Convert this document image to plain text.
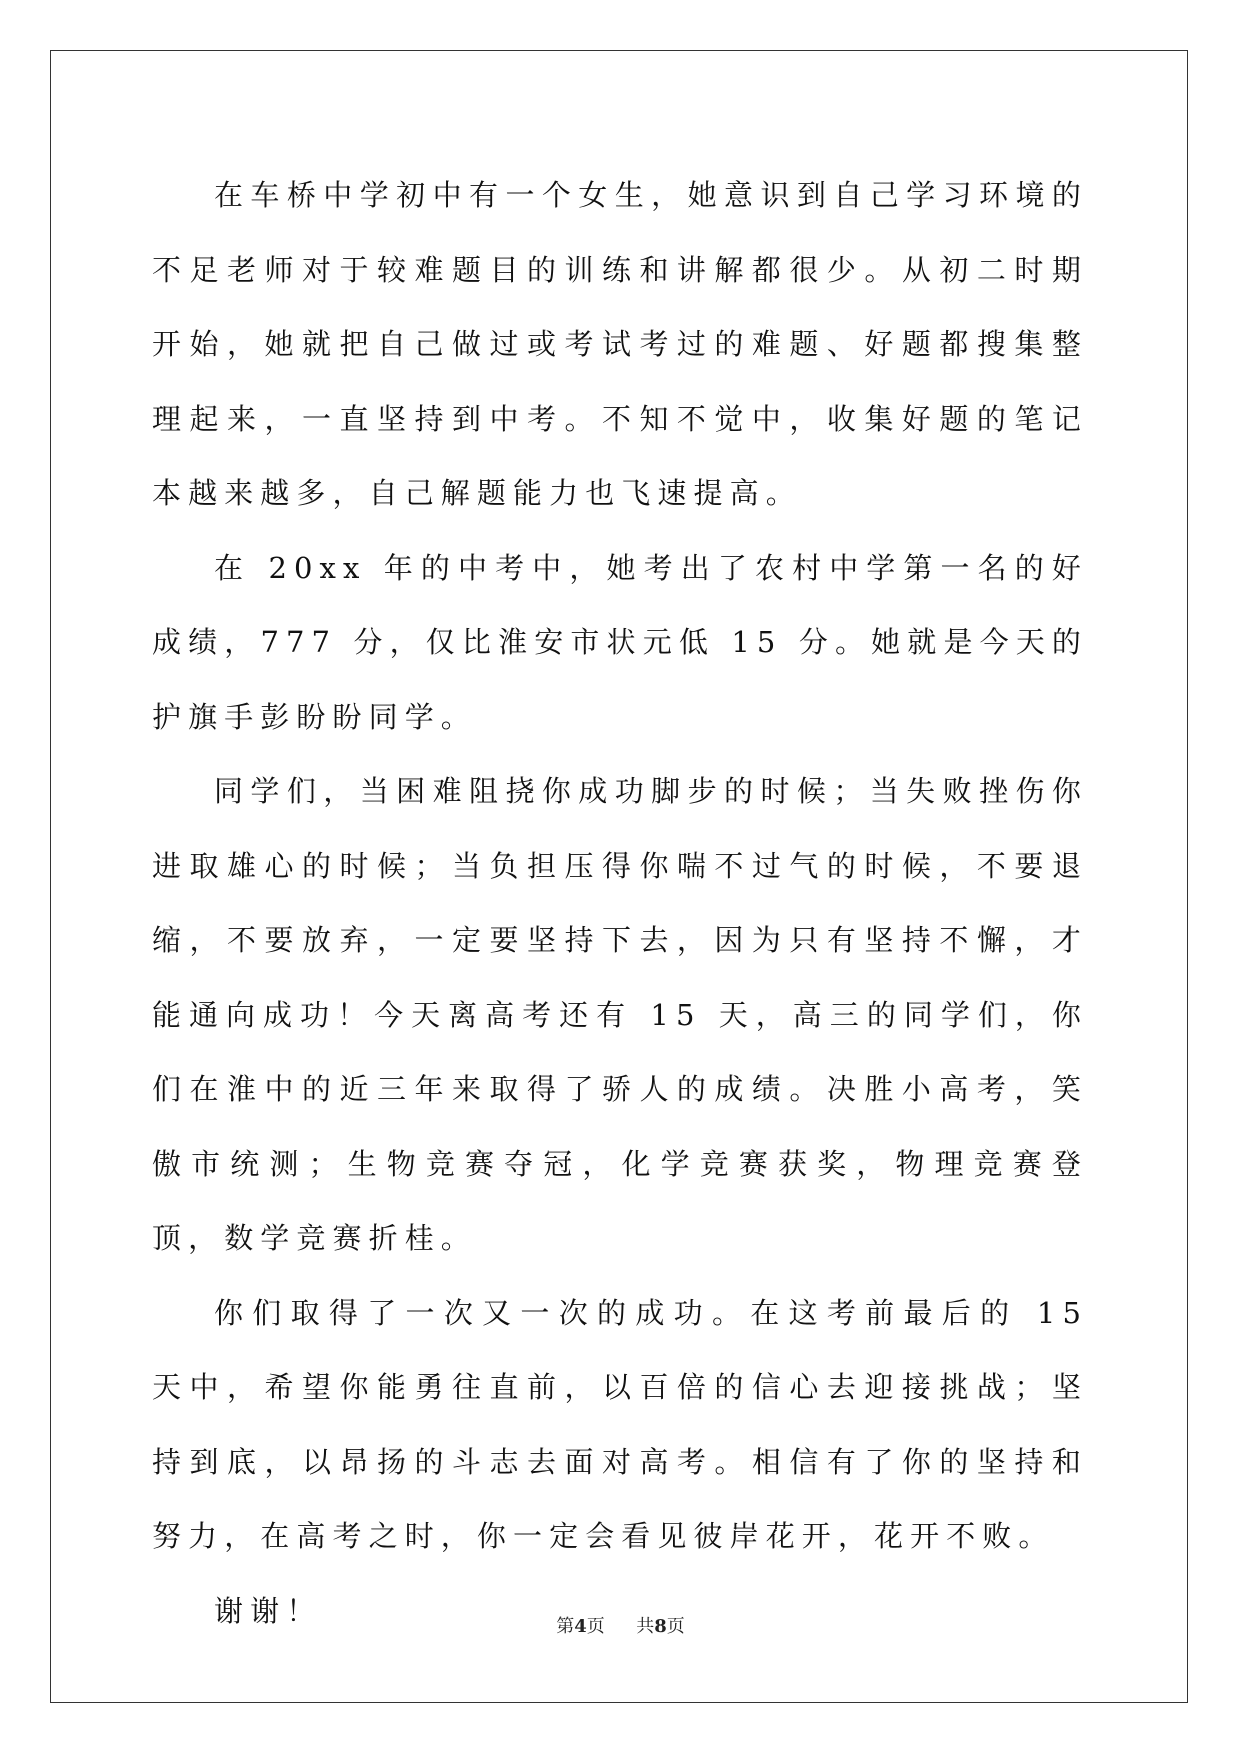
在车桥中学初中有一个女生，她意识到自己学习环境的不足老师对于较难题目的训练和讲解都很少。从初二时期开始，她就把自己做过或考试考过的难题、好题都搜集整理起来，一直坚持到中考。不知不觉中，收集好题的笔记本越来越多，自己解题能力也飞速提高。

在 20xx 年的中考中，她考出了农村中学第一名的好成绩，777 分，仅比淮安市状元低 15 分。她就是今天的护旗手彭盼盼同学。

同学们，当困难阻挠你成功脚步的时候；当失败挫伤你进取雄心的时候；当负担压得你喘不过气的时候，不要退缩，不要放弃，一定要坚持下去，因为只有坚持不懈，才能通向成功！今天离高考还有 15 天，高三的同学们，你们在淮中的近三年来取得了骄人的成绩。决胜小高考，笑傲市统测；生物竞赛夺冠，化学竞赛获奖，物理竞赛登顶，数学竞赛折桂。

你们取得了一次又一次的成功。在这考前最后的 15 天中，希望你能勇往直前，以百倍的信心去迎接挑战；坚持到底，以昂扬的斗志去面对高考。相信有了你的坚持和努力，在高考之时，你一定会看见彼岸花开，花开不败。

谢谢！	第4页 共8页
